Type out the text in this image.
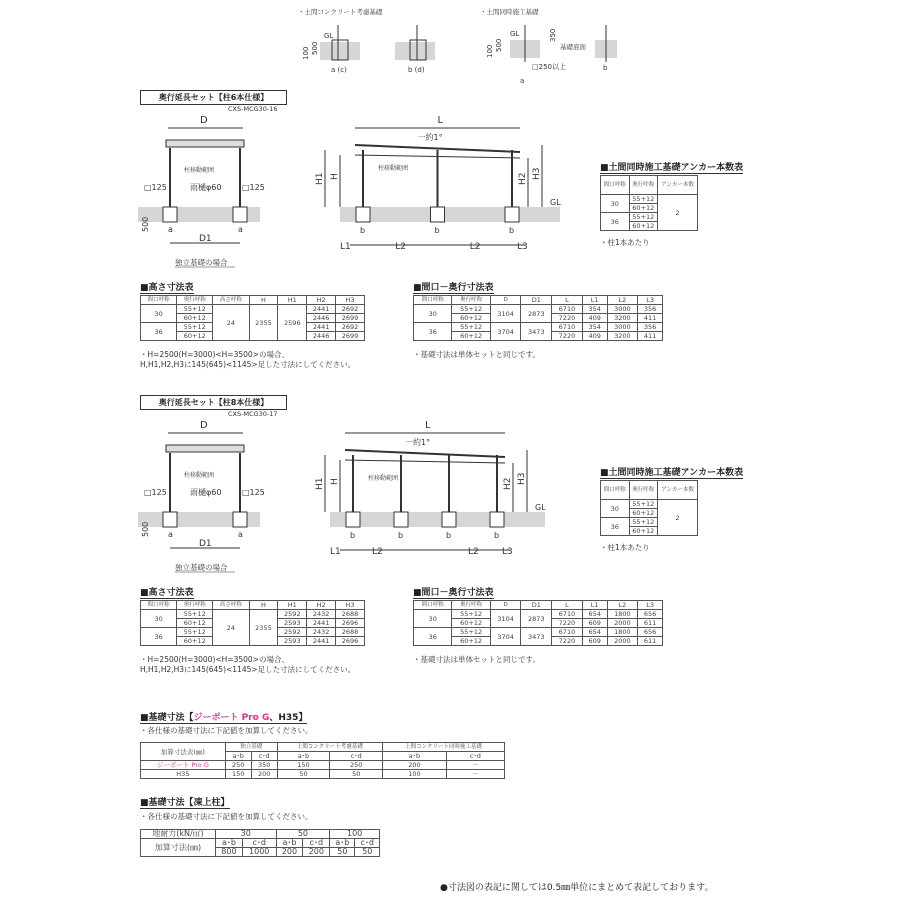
・土間コンクリート考慮基礎	・土間同時施工基礎
GL
100 500
a (c)	b (d)
GL
100 500
350
基礎底面
□250以上
a
b
奥行延長セット【柱6本仕様】
CXS-MCG30-16
b	b	b
D
D1
□125	□125
雨樋φ60
柱移動範囲
500 a	a
独立基礎の場合
L
一約1°
H1 H	H2 H3
GL
柱移動範囲
L1	L2	L2	L3
■土間同時施工基礎アンカー本数表
間口呼称	奥行呼称	アンカー本数
30	55+12	2
	60+12	
36	55+12	
	60+12	
・柱1本あたり
■高さ寸法表
間口呼称	奥行呼称	高さ呼称	H	H1	H2	H3
30	55+12	24	2355	2596	2441	2692
	60+12				2446	2699
36	55+12				2441	2692
	60+12				2446	2699
■間口－奥行寸法表
間口呼称	奥行呼称	D	D1	L	L1	L2	L3
30	55+12	3104	2873	6710	354	3000	356
	60+12			7220	409	3200	411
36	55+12	3704	3473	6710	354	3000	356
	60+12			7220	409	3200	411
・H=2500(H=3000)<H=3500>の場合、
H,H1,H2,H3に145(645)<1145>足した寸法にしてください。
・基礎寸法は単体セットと同じです。
奥行延長セット【柱8本仕様】
CXS-MCG30-17
b	b	b	b
D
D1
□125	□125
雨樋φ60
柱移動範囲
500 a	a
独立基礎の場合
L
一約1°
H1 H	H2 H3
GL
柱移動範囲
L1	L2	L2	L3
■土間同時施工基礎アンカー本数表
間口呼称	奥行呼称	アンカー本数
30	55+12	2
	60+12	
36	55+12	
	60+12	
・柱1本あたり
■高さ寸法表
間口呼称	奥行呼称	高さ呼称	H	H1	H2	H3
30	55+12	24	2355	2592	2432	2688
	60+12			2593	2441	2696
36	55+12			2592	2432	2688
	60+12			2593	2441	2696
■間口－奥行寸法表
間口呼称	奥行呼称	D	D1	L	L1	L2	L3
30	55+12	3104	2873	6710	654	1800	656
	60+12			7220	609	2000	611
36	55+12	3704	3473	6710	654	1800	656
	60+12			7220	609	2000	611
・H=2500(H=3000)<H=3500>の場合、
H,H1,H2,H3に145(645)<1145>足した寸法にしてください。
・基礎寸法は単体セットと同じです。
■基礎寸法【ジーポート Pro G、H35】
・各仕様の基礎寸法に下記値を加算してください。
加算寸法表(㎜)	独立基礎		土間コンクリート考慮基礎		土間コンクリート同時施工基礎	
	a･b	c･d	a･b	c･d	a･b	c･d
ジーポート Pro G	250	350	150	250	200	－
H35	150	200	50	50	100	－
■基礎寸法【凍上柱】
・各仕様の基礎寸法に下記値を加算してください。
地耐力(kN/㎡)	30		50		100	
加算寸法(㎜)	a･b	c･d	a･b	c･d	a･b	c･d
	800	1000	200	200	50	50
●寸法図の表記に関しては0.5㎜単位にまとめて表記しております。
